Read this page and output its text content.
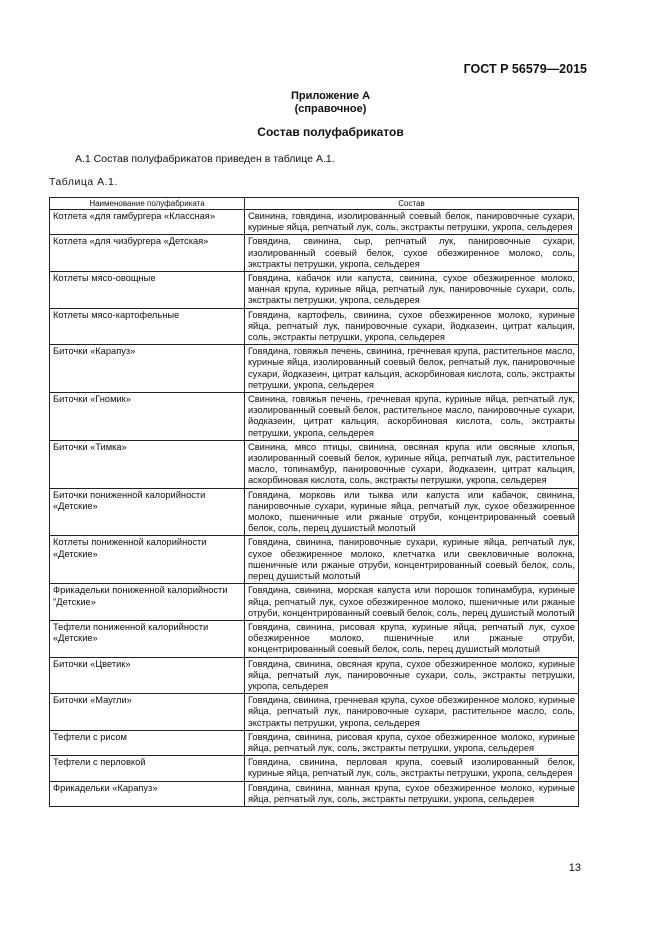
ГОСТ Р 56579—2015
Приложение А
(справочное)
Состав полуфабрикатов
А.1 Состав полуфабрикатов приведен в таблице А.1.
Таблица А.1.
Наименование полуфабриката	Состав
Котлета «для гамбургера «Классная»	Свинина, говядина, изолированный соевый белок, панировочные сухари, куриные яйца, репчатый лук, соль, экстракты петрушки, укропа, сельдерея
Котлета «для чизбургера «Детская»	Говядина, свинина, сыр, репчатый лук, панировочные сухари, изолированный соевый белок, сухое обезжиренное молоко, соль, экстракты петрушки, укропа, сельдерея
Котлеты мясо-овощные	Говядина, кабачок или капуста, свинина, сухое обезжиренное молоко, манная крупа, куриные яйца, репчатый лук, панировочные сухари, соль, экстракты петрушки, укропа, сельдерея
Котлеты мясо-картофельные	Говядина, картофель, свинина, сухое обезжиренное молоко, куриные яйца, репчатый лук, панировочные сухари, йодказеин, цитрат кальция, соль, экстракты петрушки, укропа, сельдерея
Биточки «Карапуз»	Говядина, говяжья печень, свинина, гречневая крупа, растительное масло, куриные яйца, изолированный соевый белок, репчатый лук, панировочные сухари, йодказеин, цитрат кальция, аскорбиновая кислота, соль, экстракты петрушки, укропа, сельдерея
Биточки «Гномик»	Свинина, говяжья печень, гречневая крупа, куриные яйца, репчатый лук, изолированный соевый белок, растительное масло, панировочные сухари, йодказеин, цитрат кальция, аскорбиновая кислота, соль, экстракты петрушки, укропа, сельдерея
Биточки «Тимка»	Свинина, мясо птицы, свинина, овсяная крупа или овсяные хлопья, изолированный соевый белок, куриные яйца, репчатый лук, растительное масло, топинамбур, панировочные сухари, йодказеин, цитрат кальция, аскорбиновая кислота, соль, экстракты петрушки, укропа, сельдерея
Биточки пониженной калорийности «Детские»	Говядина, морковь или тыква или капуста или кабачок, свинина, панировочные сухари, куриные яйца, репчатый лук, сухое обезжиренное молоко, пшеничные или ржаные отруби, концентрированный соевый белок, соль, перец душистый молотый
Котлеты пониженной калорийности «Детские»	Говядина, свинина, панировочные сухари, куриные яйца, репчатый лук, сухое обезжиренное молоко, клетчатка или свекловичные волокна, пшеничные или ржаные отруби, концентрированный соевый белок, соль, перец душистый молотый
Фрикадельки пониженной калорийности "Детские»	Говядина, свинина, морская капуста или порошок топинамбура, куриные яйца, репчатый лук, сухое обезжиренное молоко, пшеничные или ржаные отруби, концентрированный соевый белок, соль, перец душистый молотый
Тефтели пониженной калорийности «Детские»	Говядина, свинина, рисовая крупа, куриные яйца, репчатый лук, сухое обезжиренное молоко, пшеничные или ржаные отруби, концентрированный соевый белок, соль, перец душистый молотый
Биточки «Цветик»	Говядина, свинина, овсяная крупа, сухое обезжиренное молоко, куриные яйца, репчатый лук, панировочные сухари, соль, экстракты петрушки, укропа, сельдерея
Биточки «Маугли»	Говядина, свинина, гречневая крупа, сухое обезжиренное молоко, куриные яйца, репчатый лук, панировочные сухари, растительное масло, соль, экстракты петрушки, укропа, сельдерея
Тефтели с рисом	Говядина, свинина, рисовая крупа, сухое обезжиренное молоко, куриные яйца, репчатый лук, соль, экстракты петрушки, укропа, сельдерея
Тефтели с перловкой	Говядина, свинина, перловая крупа, соевый изолированный белок, куриные яйца, репчатый лук, соль, экстракты петрушки, укропа, сельдерея
Фрикадельки «Карапуз»	Говядина, свинина, манная крупа, сухое обезжиренное молоко, куриные яйца, репчатый лук, соль, экстракты петрушки, укропа, сельдерея
13
